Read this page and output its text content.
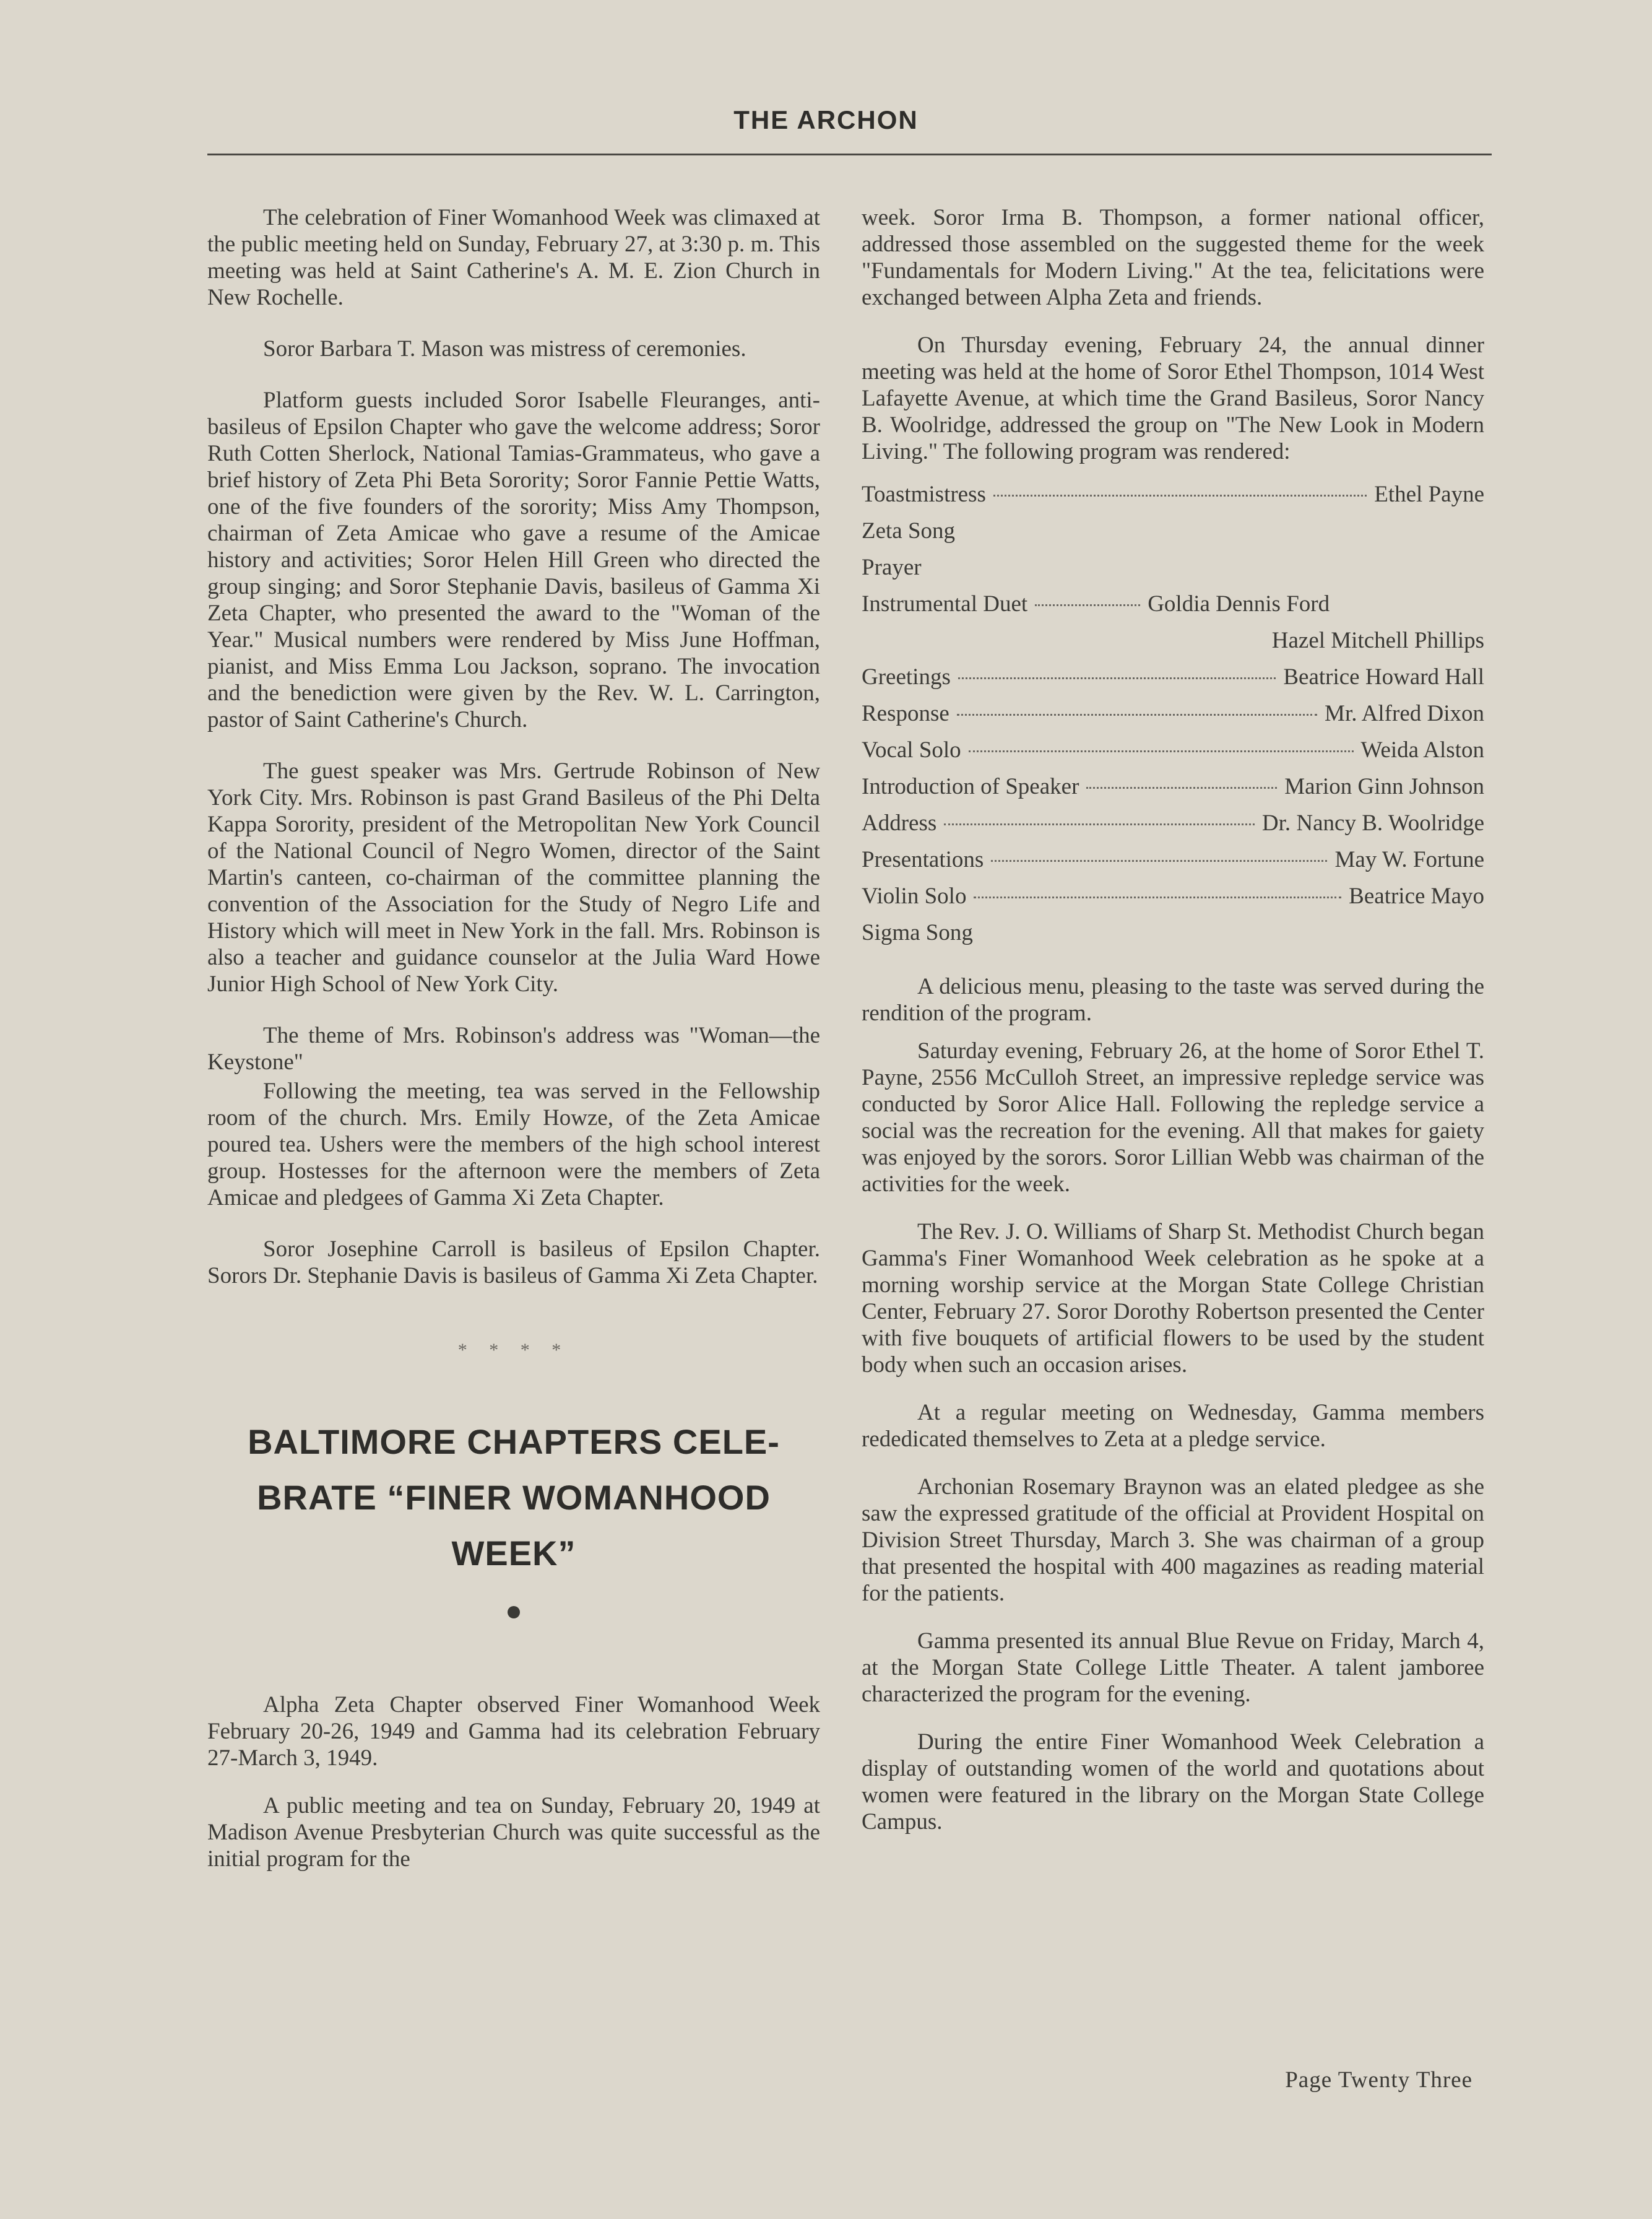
THE ARCHON

The celebration of Finer Womanhood Week was climaxed at the public meeting held on Sunday, February 27, at 3:30 p. m. This meeting was held at Saint Catherine's A. M. E. Zion Church in New Rochelle.

Soror Barbara T. Mason was mistress of ceremonies.

Platform guests included Soror Isabelle Fleuranges, anti-basileus of Epsilon Chapter who gave the welcome address; Soror Ruth Cotten Sherlock, National Tamias-Grammateus, who gave a brief history of Zeta Phi Beta Sorority; Soror Fannie Pettie Watts, one of the five founders of the sorority; Miss Amy Thompson, chairman of Zeta Amicae who gave a resume of the Amicae history and activities; Soror Helen Hill Green who directed the group singing; and Soror Stephanie Davis, basileus of Gamma Xi Zeta Chapter, who presented the award to the "Woman of the Year." Musical numbers were rendered by Miss June Hoffman, pianist, and Miss Emma Lou Jackson, soprano. The invocation and the benediction were given by the Rev. W. L. Carrington, pastor of Saint Catherine's Church.

The guest speaker was Mrs. Gertrude Robinson of New York City. Mrs. Robinson is past Grand Basileus of the Phi Delta Kappa Sorority, president of the Metropolitan New York Council of the National Council of Negro Women, director of the Saint Martin's canteen, co-chairman of the committee planning the convention of the Association for the Study of Negro Life and History which will meet in New York in the fall. Mrs. Robinson is also a teacher and guidance counselor at the Julia Ward Howe Junior High School of New York City.

The theme of Mrs. Robinson's address was "Woman—the Keystone"

Following the meeting, tea was served in the Fellowship room of the church. Mrs. Emily Howze, of the Zeta Amicae poured tea. Ushers were the members of the high school interest group. Hostesses for the afternoon were the members of Zeta Amicae and pledgees of Gamma Xi Zeta Chapter.

Soror Josephine Carroll is basileus of Epsilon Chapter. Sorors Dr. Stephanie Davis is basileus of Gamma Xi Zeta Chapter.

* * * *
BALTIMORE CHAPTERS CELE-
BRATE “FINER WOMANHOOD
WEEK”

Alpha Zeta Chapter observed Finer Womanhood Week February 20-26, 1949 and Gamma had its celebration February 27-March 3, 1949.

A public meeting and tea on Sunday, February 20, 1949 at Madison Avenue Presbyterian Church was quite successful as the initial program for the

week. Soror Irma B. Thompson, a former national officer, addressed those assembled on the suggested theme for the week "Fundamentals for Modern Living." At the tea, felicitations were exchanged between Alpha Zeta and friends.

On Thursday evening, February 24, the annual dinner meeting was held at the home of Soror Ethel Thompson, 1014 West Lafayette Avenue, at which time the Grand Basileus, Soror Nancy B. Woolridge, addressed the group on "The New Look in Modern Living." The following program was rendered:

Toastmistress	Ethel Payne
Zeta Song
Prayer
Instrumental Duet	Goldia Dennis Ford
Hazel Mitchell Phillips
Greetings	Beatrice Howard Hall
Response	Mr. Alfred Dixon
Vocal Solo	Weida Alston
Introduction of Speaker	Marion Ginn Johnson
Address	Dr. Nancy B. Woolridge
Presentations	May W. Fortune
Violin Solo	Beatrice Mayo
Sigma Song

A delicious menu, pleasing to the taste was served during the rendition of the program.

Saturday evening, February 26, at the home of Soror Ethel T. Payne, 2556 McCulloh Street, an impressive repledge service was conducted by Soror Alice Hall. Following the repledge service a social was the recreation for the evening. All that makes for gaiety was enjoyed by the sorors. Soror Lillian Webb was chairman of the activities for the week.

The Rev. J. O. Williams of Sharp St. Methodist Church began Gamma's Finer Womanhood Week celebration as he spoke at a morning worship service at the Morgan State College Christian Center, February 27. Soror Dorothy Robertson presented the Center with five bouquets of artificial flowers to be used by the student body when such an occasion arises.

At a regular meeting on Wednesday, Gamma members rededicated themselves to Zeta at a pledge service.

Archonian Rosemary Braynon was an elated pledgee as she saw the expressed gratitude of the official at Provident Hospital on Division Street Thursday, March 3. She was chairman of a group that presented the hospital with 400 magazines as reading material for the patients.

Gamma presented its annual Blue Revue on Friday, March 4, at the Morgan State College Little Theater. A talent jamboree characterized the program for the evening.

During the entire Finer Womanhood Week Celebration a display of outstanding women of the world and quotations about women were featured in the library on the Morgan State College Campus.

Page Twenty Three
